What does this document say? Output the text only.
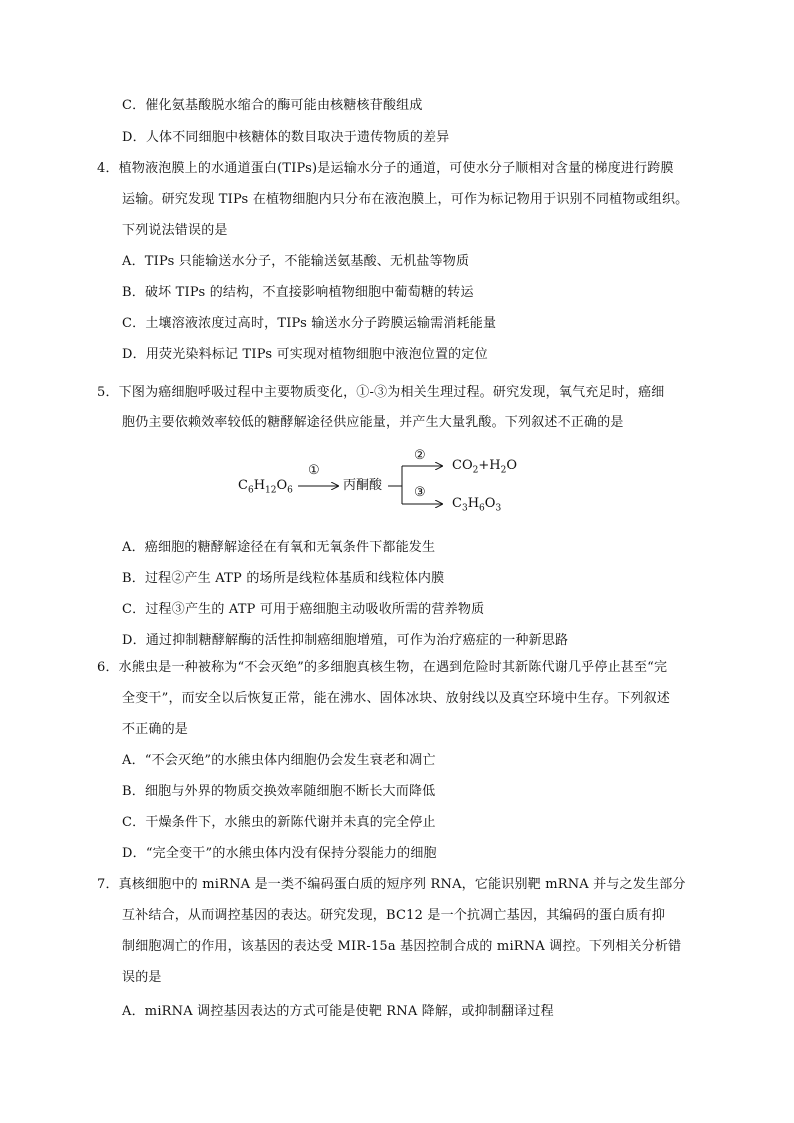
C．催化氨基酸脱水缩合的酶可能由核糖核苷酸组成
D．人体不同细胞中核糖体的数目取决于遗传物质的差异
4．植物液泡膜上的水通道蛋白(TIPs)是运输水分子的通道，可使水分子顺相对含量的梯度进行跨膜
运输。研究发现 TIPs 在植物细胞内只分布在液泡膜上，可作为标记物用于识别不同植物或组织。
下列说法错误的是
A．TIPs 只能输送水分子，不能输送氨基酸、无机盐等物质
B．破坏 TIPs 的结构，不直接影响植物细胞中葡萄糖的转运
C．土壤溶液浓度过高时，TIPs 输送水分子跨膜运输需消耗能量
D．用荧光染料标记 TIPs 可实现对植物细胞中液泡位置的定位
5．下图为癌细胞呼吸过程中主要物质变化，①-③为相关生理过程。研究发现，氧气充足时，癌细
胞仍主要依赖效率较低的糖酵解途径供应能量，并产生大量乳酸。下列叙述不正确的是
$C_6H_{12}O_6$
①
丙酮酸
②
$CO_2+H_2O$
③
$C_3H_6O_3$
A．癌细胞的糖酵解途径在有氧和无氧条件下都能发生
B．过程②产生 ATP 的场所是线粒体基质和线粒体内膜
C．过程③产生的 ATP 可用于癌细胞主动吸收所需的营养物质
D．通过抑制糖酵解酶的活性抑制癌细胞增殖，可作为治疗癌症的一种新思路
6．水熊虫是一种被称为“不会灭绝”的多细胞真核生物，在遇到危险时其新陈代谢几乎停止甚至“完
全变干”，而安全以后恢复正常，能在沸水、固体冰块、放射线以及真空环境中生存。下列叙述
不正确的是
A．“不会灭绝”的水熊虫体内细胞仍会发生衰老和凋亡
B．细胞与外界的物质交换效率随细胞不断长大而降低
C．干燥条件下，水熊虫的新陈代谢并未真的完全停止
D．“完全变干”的水熊虫体内没有保持分裂能力的细胞
7．真核细胞中的 miRNA 是一类不编码蛋白质的短序列 RNA，它能识别靶 mRNA 并与之发生部分
互补结合，从而调控基因的表达。研究发现，BC12 是一个抗凋亡基因，其编码的蛋白质有抑
制细胞凋亡的作用，该基因的表达受 MIR-15a 基因控制合成的 miRNA 调控。下列相关分析错
误的是
A．miRNA 调控基因表达的方式可能是使靶 RNA 降解，或抑制翻译过程
